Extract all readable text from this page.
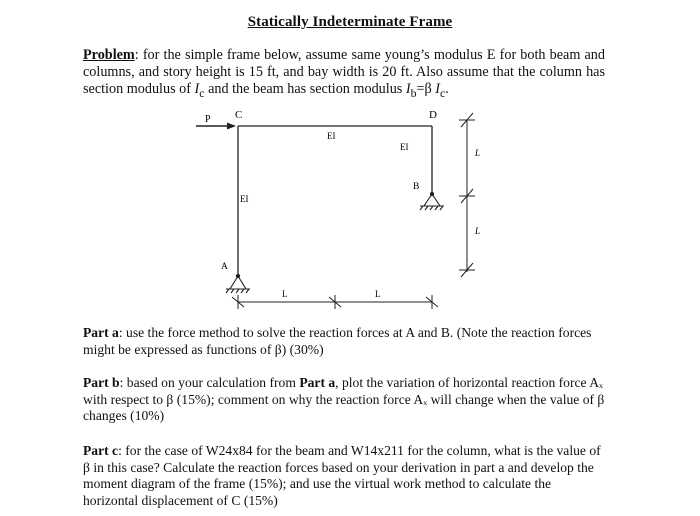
Statically Indeterminate Frame
Problem: for the simple frame below, assume same young’s modulus E for both beam and columns, and story height is 15 ft, and bay width is 20 ft. Also assume that the column has section modulus of $I_c$ and the beam has section modulus $I_b=\beta$ $I_c$.
P C	D
A
B
EI
EI
EI
L
L
L	L
Part a: use the force method to solve the reaction forces at A and B. (Note the reaction forces might be expressed as functions of β) (30%)
Part b: based on your calculation from Part a, plot the variation of horizontal reaction force Aₓ with respect to β (15%); comment on why the reaction force Aₓ will change when the value of β changes (10%)
Part c: for the case of W24x84 for the beam and W14x211 for the column, what is the value of β in this case? Calculate the reaction forces based on your derivation in part a and develop the moment diagram of the frame (15%); and use the virtual work method to calculate the horizontal displacement of C (15%)
